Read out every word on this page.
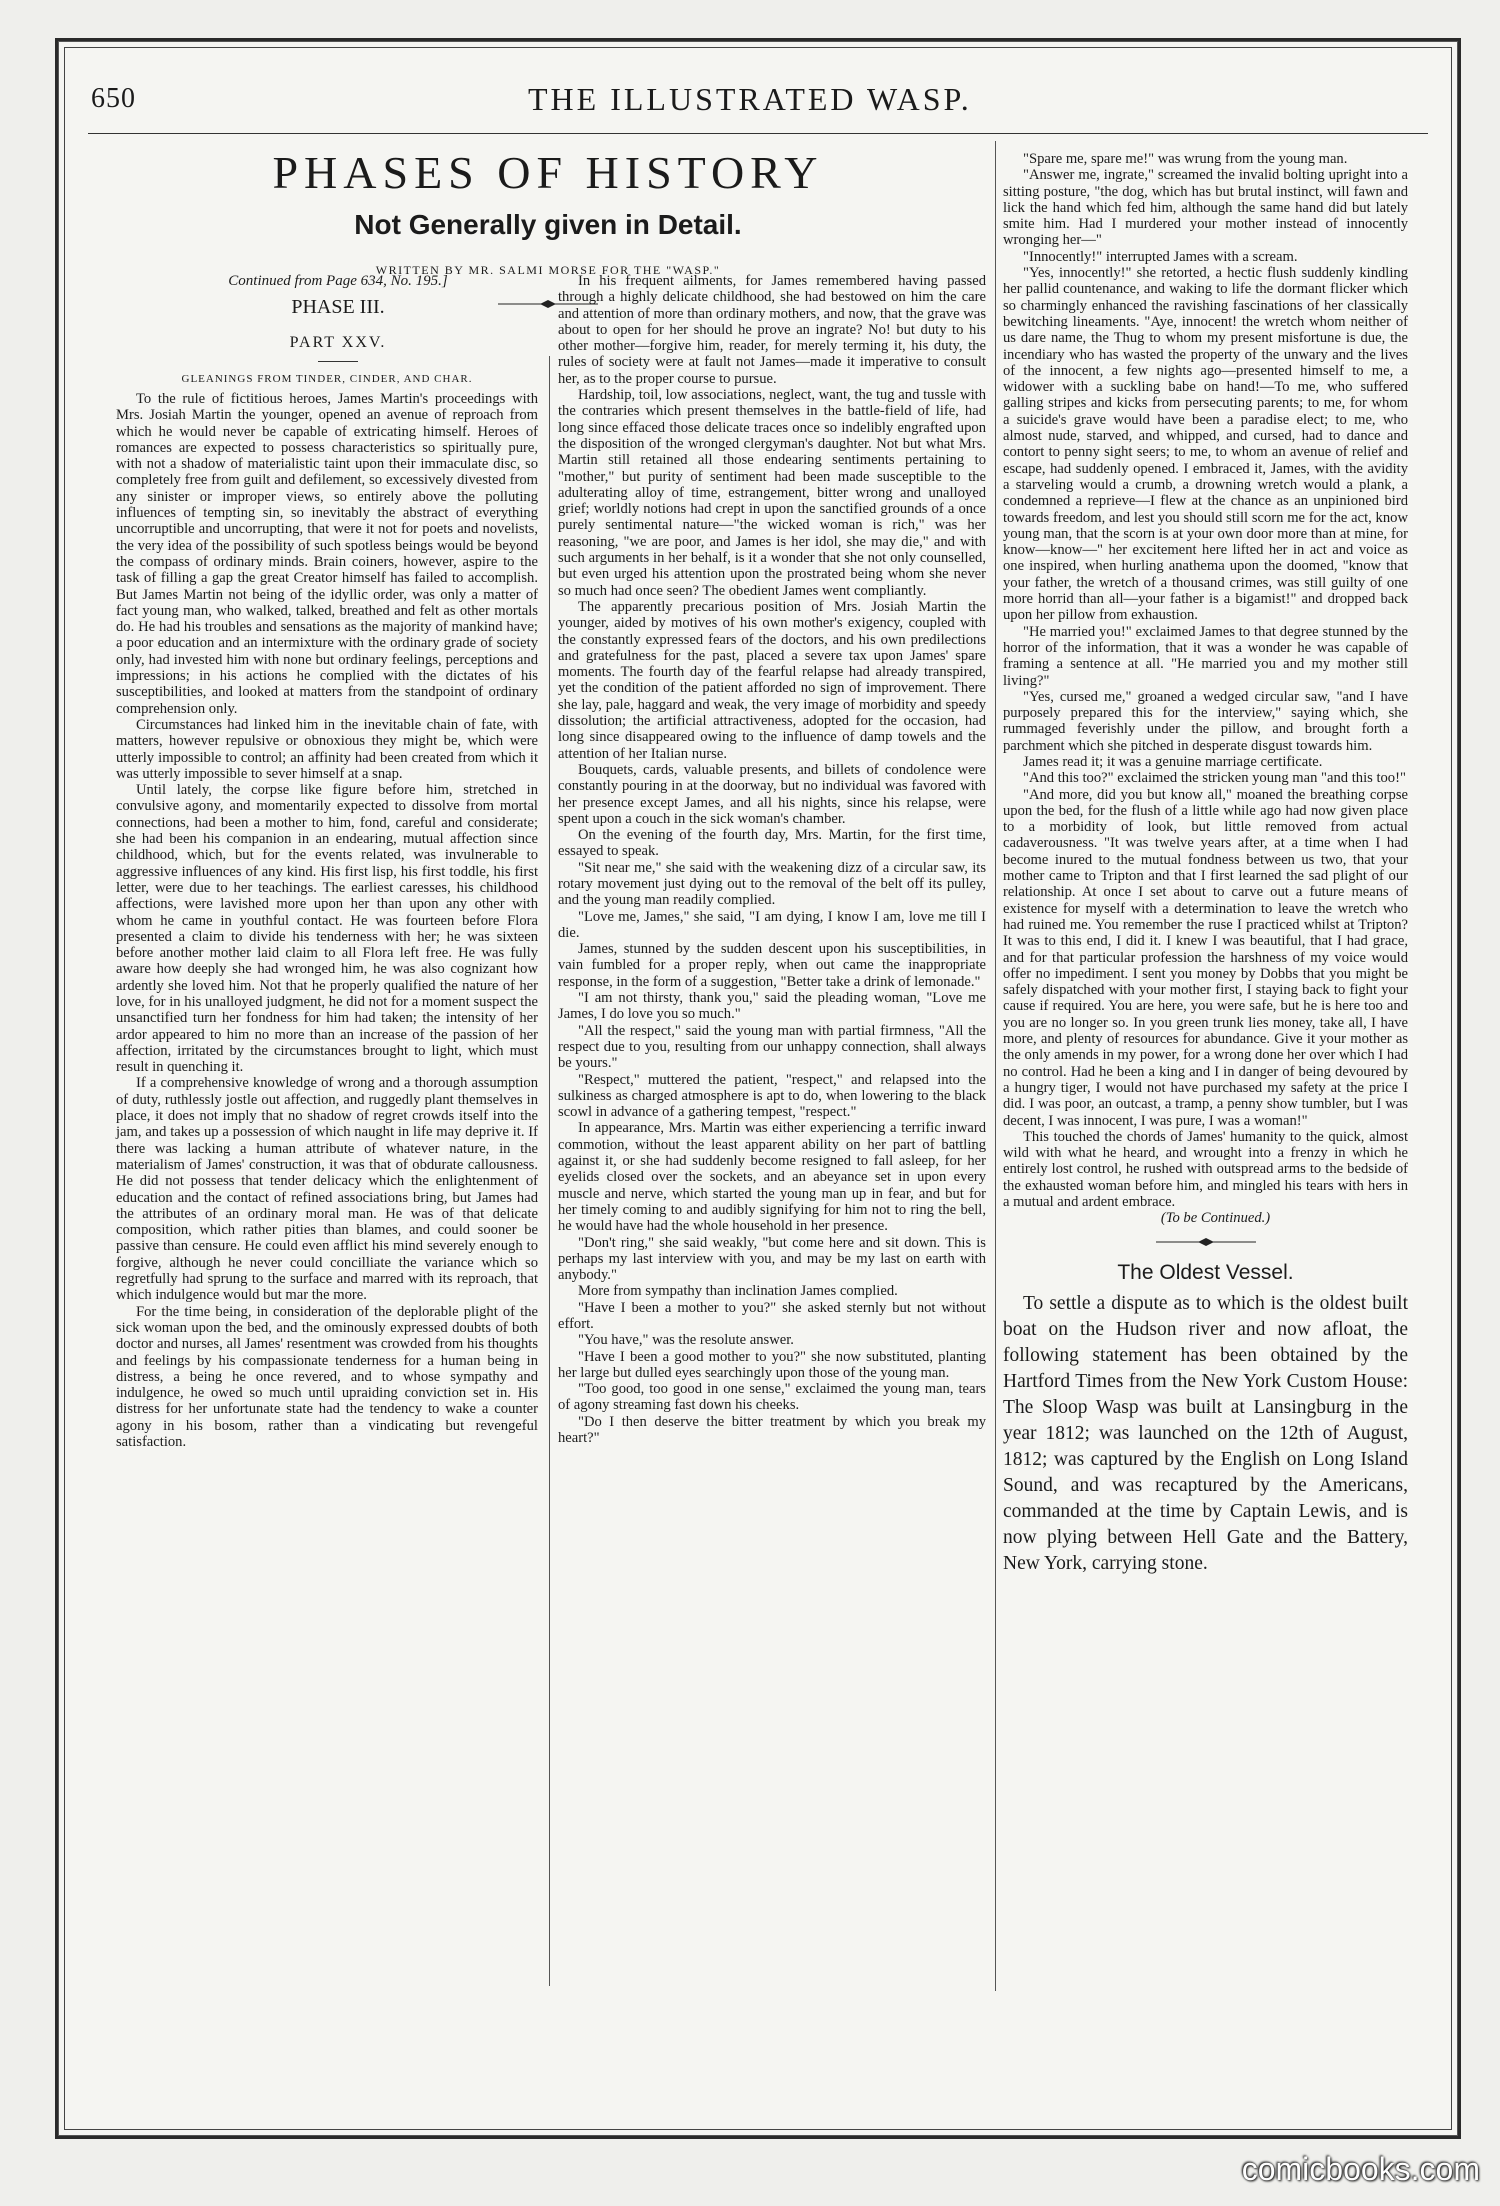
650	THE ILLUSTRATED WASP.
PHASES OF HISTORY
Not Generally given in Detail.
WRITTEN BY MR. SALMI MORSE FOR THE "WASP."
Continued from Page 634, No. 195.]
PHASE III.
PART XXV.
GLEANINGS FROM TINDER, CINDER, AND CHAR.

To the rule of fictitious heroes, James Martin's proceedings with Mrs. Josiah Martin the younger, opened an avenue of reproach from which he would never be capable of extricating himself. Heroes of romances are expected to possess characteristics so spiritually pure, with not a shadow of materialistic taint upon their immaculate disc, so completely free from guilt and defilement, so excessively divested from any sinister or improper views, so entirely above the polluting influences of tempting sin, so inevitably the abstract of everything uncorruptible and uncorrupting, that were it not for poets and novelists, the very idea of the possibility of such spotless beings would be beyond the compass of ordinary minds. Brain coiners, however, aspire to the task of filling a gap the great Creator himself has failed to accomplish. But James Martin not being of the idyllic order, was only a matter of fact young man, who walked, talked, breathed and felt as other mortals do. He had his troubles and sensations as the majority of mankind have; a poor education and an intermixture with the ordinary grade of society only, had invested him with none but ordinary feelings, perceptions and impressions; in his actions he complied with the dictates of his susceptibilities, and looked at matters from the standpoint of ordinary comprehension only.

Circumstances had linked him in the inevitable chain of fate, with matters, however repulsive or obnoxious they might be, which were utterly impossible to control; an affinity had been created from which it was utterly impossible to sever himself at a snap.

Until lately, the corpse like figure before him, stretched in convulsive agony, and momentarily expected to dissolve from mortal connections, had been a mother to him, fond, careful and considerate; she had been his companion in an endearing, mutual affection since childhood, which, but for the events related, was invulnerable to aggressive influences of any kind. His first lisp, his first toddle, his first letter, were due to her teachings. The earliest caresses, his childhood affections, were lavished more upon her than upon any other with whom he came in youthful contact. He was fourteen before Flora presented a claim to divide his tenderness with her; he was sixteen before another mother laid claim to all Flora left free. He was fully aware how deeply she had wronged him, he was also cognizant how ardently she loved him. Not that he properly qualified the nature of her love, for in his unalloyed judgment, he did not for a moment suspect the unsanctified turn her fondness for him had taken; the intensity of her ardor appeared to him no more than an increase of the passion of her affection, irritated by the circumstances brought to light, which must result in quenching it.

If a comprehensive knowledge of wrong and a thorough assumption of duty, ruthlessly jostle out affection, and ruggedly plant themselves in place, it does not imply that no shadow of regret crowds itself into the jam, and takes up a possession of which naught in life may deprive it. If there was lacking a human attribute of whatever nature, in the materialism of James' construction, it was that of obdurate callousness. He did not possess that tender delicacy which the enlightenment of education and the contact of refined associations bring, but James had the attributes of an ordinary moral man. He was of that delicate composition, which rather pities than blames, and could sooner be passive than censure. He could even afflict his mind severely enough to forgive, although he never could concilliate the variance which so regretfully had sprung to the surface and marred with its reproach, that which indulgence would but mar the more.

For the time being, in consideration of the deplorable plight of the sick woman upon the bed, and the ominously expressed doubts of both doctor and nurses, all James' resentment was crowded from his thoughts and feelings by his compassionate tenderness for a human being in distress, a being he once revered, and to whose sympathy and indulgence, he owed so much until upraiding conviction set in. His distress for her unfortunate state had the tendency to wake a counter agony in his bosom, rather than a vindicating but revengeful satisfaction.

In his frequent ailments, for James remembered having passed through a highly delicate childhood, she had bestowed on him the care and attention of more than ordinary mothers, and now, that the grave was about to open for her should he prove an ingrate? No! but duty to his other mother—forgive him, reader, for merely terming it, his duty, the rules of society were at fault not James—made it imperative to consult her, as to the proper course to pursue.

Hardship, toil, low associations, neglect, want, the tug and tussle with the contraries which present themselves in the battle-field of life, had long since effaced those delicate traces once so indelibly engrafted upon the disposition of the wronged clergyman's daughter. Not but what Mrs. Martin still retained all those endearing sentiments pertaining to "mother," but purity of sentiment had been made susceptible to the adulterating alloy of time, estrangement, bitter wrong and unalloyed grief; worldly notions had crept in upon the sanctified grounds of a once purely sentimental nature—"the wicked woman is rich," was her reasoning, "we are poor, and James is her idol, she may die," and with such arguments in her behalf, is it a wonder that she not only counselled, but even urged his attention upon the prostrated being whom she never so much had once seen? The obedient James went compliantly.

The apparently precarious position of Mrs. Josiah Martin the younger, aided by motives of his own mother's exigency, coupled with the constantly expressed fears of the doctors, and his own predilections and gratefulness for the past, placed a severe tax upon James' spare moments. The fourth day of the fearful relapse had already transpired, yet the condition of the patient afforded no sign of improvement. There she lay, pale, haggard and weak, the very image of morbidity and speedy dissolution; the artificial attractiveness, adopted for the occasion, had long since disappeared owing to the influence of damp towels and the attention of her Italian nurse.

Bouquets, cards, valuable presents, and billets of condolence were constantly pouring in at the doorway, but no individual was favored with her presence except James, and all his nights, since his relapse, were spent upon a couch in the sick woman's chamber.

On the evening of the fourth day, Mrs. Martin, for the first time, essayed to speak.

"Sit near me," she said with the weakening dizz of a circular saw, its rotary movement just dying out to the removal of the belt off its pulley, and the young man readily complied.

"Love me, James," she said, "I am dying, I know I am, love me till I die.

James, stunned by the sudden descent upon his susceptibilities, in vain fumbled for a proper reply, when out came the inappropriate response, in the form of a suggestion, "Better take a drink of lemonade."

"I am not thirsty, thank you," said the pleading woman, "Love me James, I do love you so much."

"All the respect," said the young man with partial firmness, "All the respect due to you, resulting from our unhappy connection, shall always be yours."

"Respect," muttered the patient, "respect," and relapsed into the sulkiness as charged atmosphere is apt to do, when lowering to the black scowl in advance of a gathering tempest, "respect."

In appearance, Mrs. Martin was either experiencing a terrific inward commotion, without the least apparent ability on her part of battling against it, or she had suddenly become resigned to fall asleep, for her eyelids closed over the sockets, and an abeyance set in upon every muscle and nerve, which started the young man up in fear, and but for her timely coming to and audibly signifying for him not to ring the bell, he would have had the whole household in her presence.

"Don't ring," she said weakly, "but come here and sit down. This is perhaps my last interview with you, and may be my last on earth with anybody."

More from sympathy than inclination James complied.

"Have I been a mother to you?" she asked sternly but not without effort.

"You have," was the resolute answer.

"Have I been a good mother to you?" she now substituted, planting her large but dulled eyes searchingly upon those of the young man.

"Too good, too good in one sense," exclaimed the young man, tears of agony streaming fast down his cheeks.

"Do I then deserve the bitter treatment by which you break my heart?"

"Spare me, spare me!" was wrung from the young man.

"Answer me, ingrate," screamed the invalid bolting upright into a sitting posture, "the dog, which has but brutal instinct, will fawn and lick the hand which fed him, although the same hand did but lately smite him. Had I murdered your mother instead of innocently wronging her—"

"Innocently!" interrupted James with a scream.

"Yes, innocently!" she retorted, a hectic flush suddenly kindling her pallid countenance, and waking to life the dormant flicker which so charmingly enhanced the ravishing fascinations of her classically bewitching lineaments. "Aye, innocent! the wretch whom neither of us dare name, the Thug to whom my present misfortune is due, the incendiary who has wasted the property of the unwary and the lives of the innocent, a few nights ago—presented himself to me, a widower with a suckling babe on hand!—To me, who suffered galling stripes and kicks from persecuting parents; to me, for whom a suicide's grave would have been a paradise elect; to me, who almost nude, starved, and whipped, and cursed, had to dance and contort to penny sight seers; to me, to whom an avenue of relief and escape, had suddenly opened. I embraced it, James, with the avidity a starveling would a crumb, a drowning wretch would a plank, a condemned a reprieve—I flew at the chance as an unpinioned bird towards freedom, and lest you should still scorn me for the act, know young man, that the scorn is at your own door more than at mine, for know—know—" her excitement here lifted her in act and voice as one inspired, when hurling anathema upon the doomed, "know that your father, the wretch of a thousand crimes, was still guilty of one more horrid than all—your father is a bigamist!" and dropped back upon her pillow from exhaustion.

"He married you!" exclaimed James to that degree stunned by the horror of the information, that it was a wonder he was capable of framing a sentence at all. "He married you and my mother still living?"

"Yes, cursed me," groaned a wedged circular saw, "and I have purposely prepared this for the interview," saying which, she rummaged feverishly under the pillow, and brought forth a parchment which she pitched in desperate disgust towards him.

James read it; it was a genuine marriage certificate.

"And this too?" exclaimed the stricken young man "and this too!"

"And more, did you but know all," moaned the breathing corpse upon the bed, for the flush of a little while ago had now given place to a morbidity of look, but little removed from actual cadaverousness. "It was twelve years after, at a time when I had become inured to the mutual fondness between us two, that your mother came to Tripton and that I first learned the sad plight of our relationship. At once I set about to carve out a future means of existence for myself with a determination to leave the wretch who had ruined me. You remember the ruse I practiced whilst at Tripton? It was to this end, I did it. I knew I was beautiful, that I had grace, and for that particular profession the harshness of my voice would offer no impediment. I sent you money by Dobbs that you might be safely dispatched with your mother first, I staying back to fight your cause if required. You are here, you were safe, but he is here too and you are no longer so. In you green trunk lies money, take all, I have more, and plenty of resources for abundance. Give it your mother as the only amends in my power, for a wrong done her over which I had no control. Had he been a king and I in danger of being devoured by a hungry tiger, I would not have purchased my safety at the price I did. I was poor, an outcast, a tramp, a penny show tumbler, but I was decent, I was innocent, I was pure, I was a woman!"

This touched the chords of James' humanity to the quick, almost wild with what he heard, and wrought into a frenzy in which he entirely lost control, he rushed with outspread arms to the bedside of the exhausted woman before him, and mingled his tears with hers in a mutual and ardent embrace.

(To be Continued.)

The Oldest Vessel.

To settle a dispute as to which is the oldest built boat on the Hudson river and now afloat, the following statement has been obtained by the Hartford Times from the New York Custom House: The Sloop Wasp was built at Lansingburg in the year 1812; was launched on the 12th of August, 1812; was captured by the English on Long Island Sound, and was recaptured by the Americans, commanded at the time by Captain Lewis, and is now plying between Hell Gate and the Battery, New York, carrying stone.

comicbooks.com
